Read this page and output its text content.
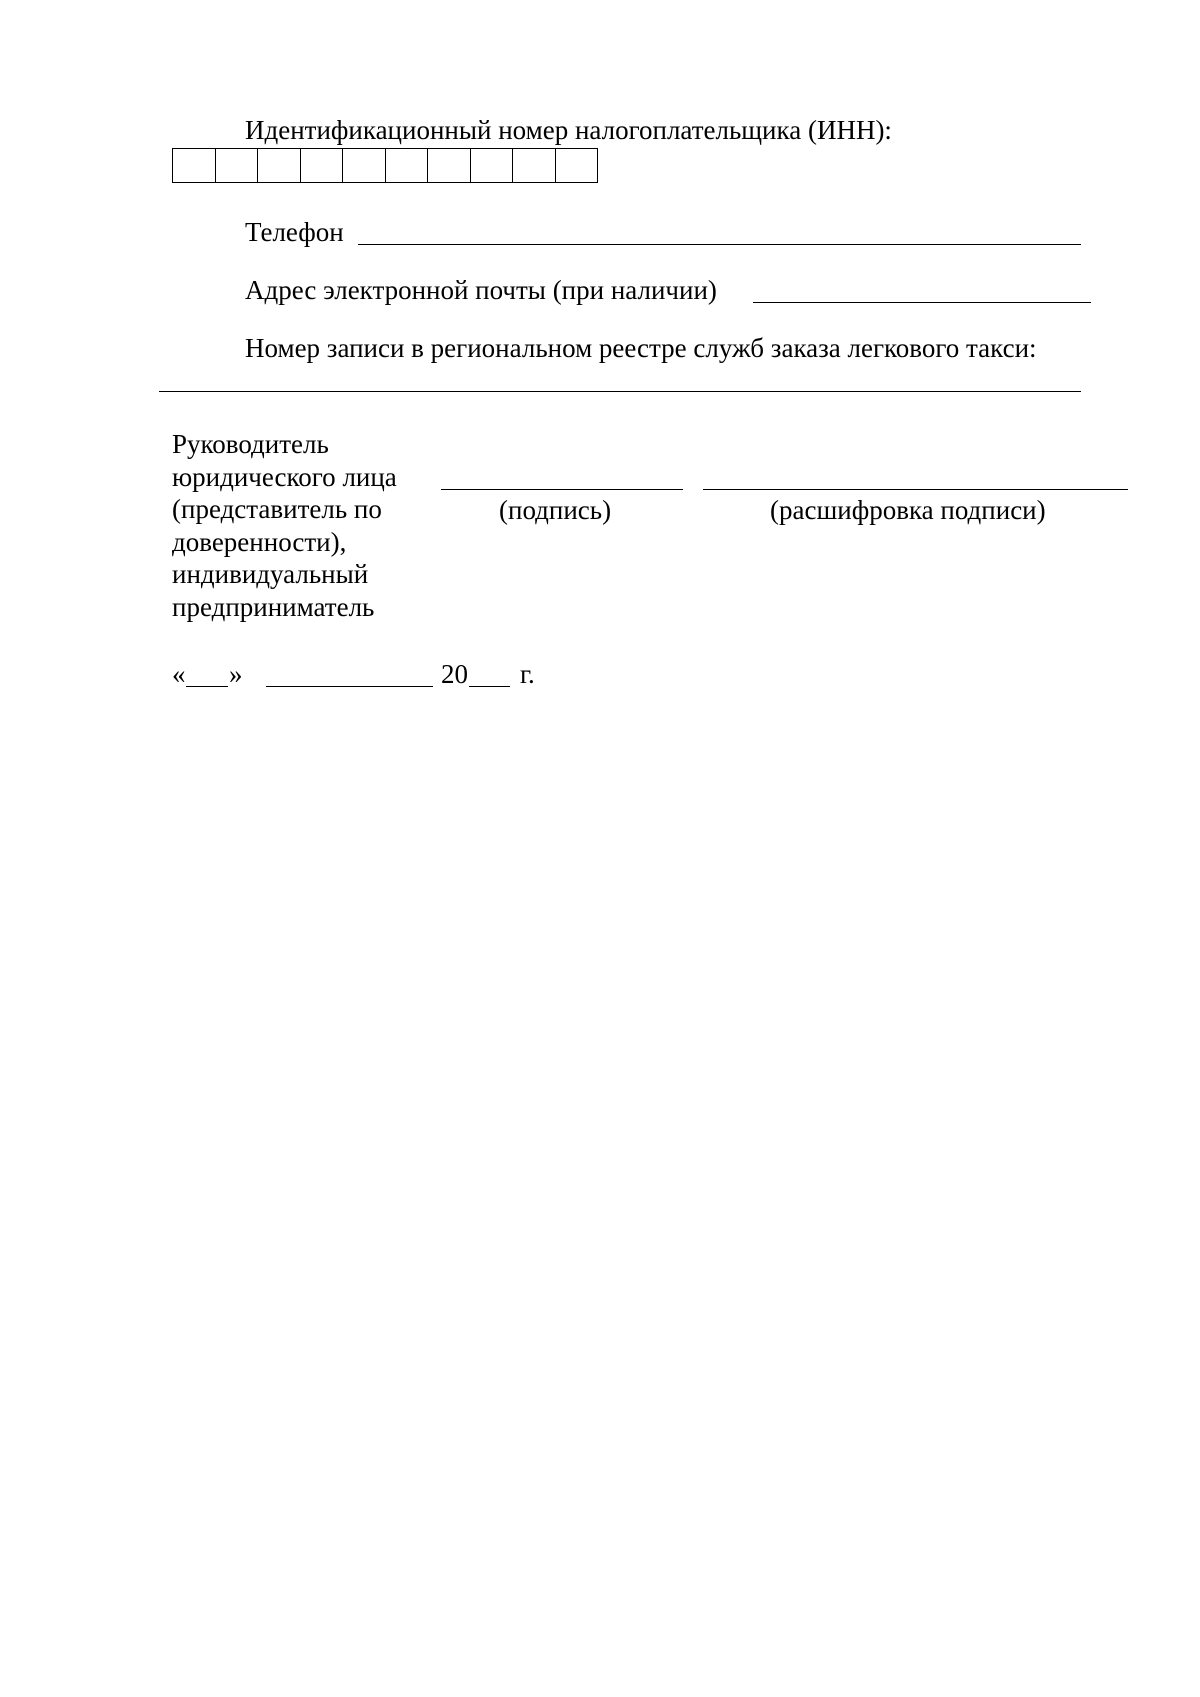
Идентификационный номер налогоплательщика (ИНН):
Телефон
Адрес электронной почты (при наличии)
Номер записи в региональном реестре служб заказа легкового такси:
Руководитель
юридического лица
(представитель по
доверенности),
индивидуальный
предприниматель
(подпись)	(расшифровка подписи)
« »	20 г.
